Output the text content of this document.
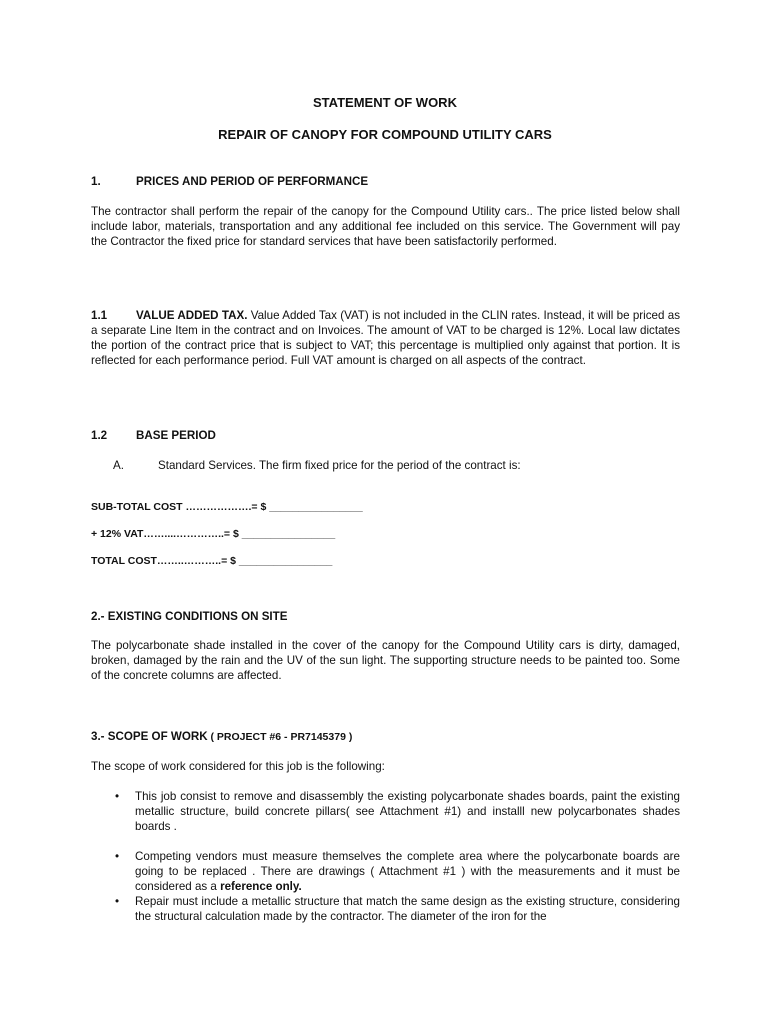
STATEMENT OF WORK
REPAIR OF CANOPY FOR COMPOUND UTILITY CARS
1.	PRICES AND PERIOD OF PERFORMANCE
The contractor shall perform the repair of the canopy for the Compound Utility cars.. The price listed below shall include labor, materials, transportation and any additional fee included on this service. The Government will pay the Contractor the fixed price for standard services that have been satisfactorily performed.
1.1 VALUE ADDED TAX. Value Added Tax (VAT) is not included in the CLIN rates. Instead, it will be priced as a separate Line Item in the contract and on Invoices. The amount of VAT to be charged is 12%. Local law dictates the portion of the contract price that is subject to VAT; this percentage is multiplied only against that portion. It is reflected for each performance period. Full VAT amount is charged on all aspects of the contract.
1.2 BASE PERIOD
A.	Standard Services. The firm fixed price for the period of the contract is:
SUB-TOTAL COST ……………….= $ ________________
+ 12% VAT……....…………..= $ ________________
TOTAL COST……..………..= $ ________________
2.- EXISTING CONDITIONS ON SITE
The polycarbonate shade installed in the cover of the canopy for the Compound Utility cars is dirty, damaged, broken, damaged by the rain and the UV of the sun light. The supporting structure needs to be painted too. Some of the concrete columns are affected.
3.- SCOPE OF WORK ( PROJECT #6 - PR7145379 )
The scope of work considered for this job is the following:
•	This job consist to remove and disassembly the existing polycarbonate shades boards, paint the existing metallic structure, build concrete pillars( see Attachment #1) and installl new polycarbonates shades boards .
•	Competing vendors must measure themselves the complete area where the polycarbonate boards are going to be replaced . There are drawings ( Attachment #1 ) with the measurements and it must be considered as a reference only.
•	Repair must include a metallic structure that match the same design as the existing structure, considering the structural calculation made by the contractor. The diameter of the iron for the
